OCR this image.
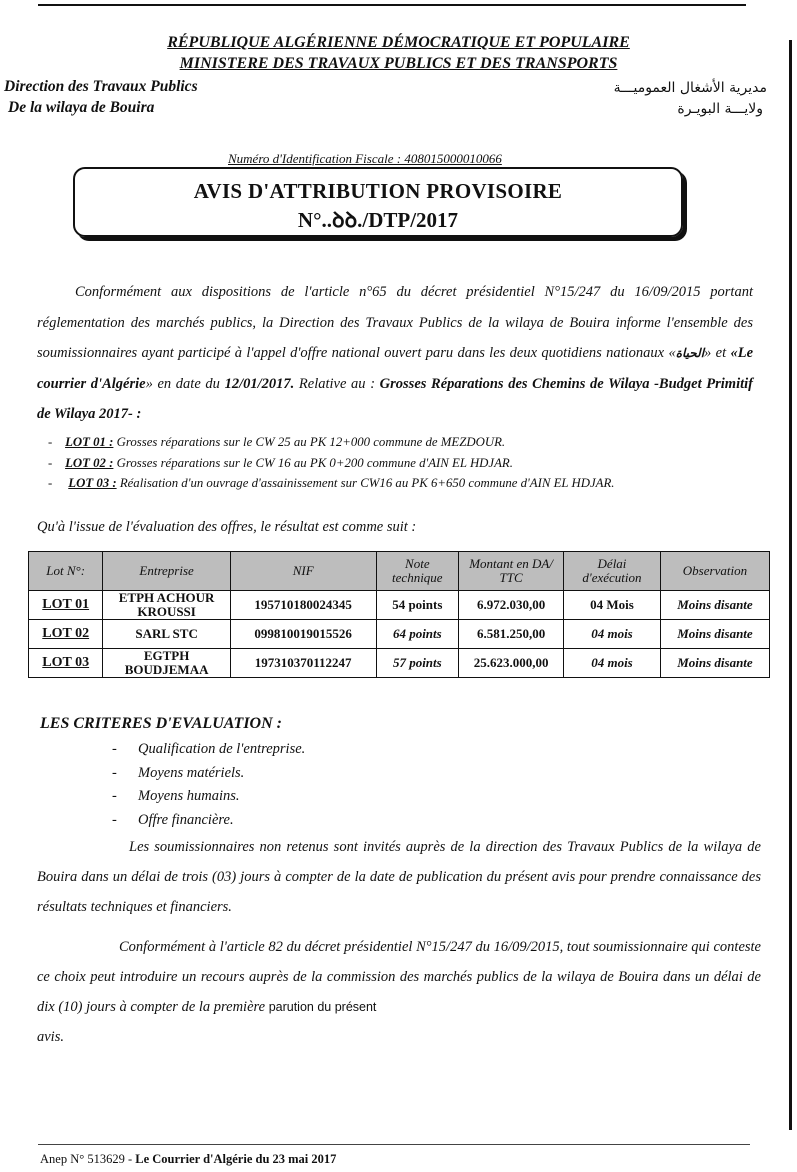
RÉPUBLIQUE ALGÉRIENNE DÉMOCRATIQUE ET POPULAIRE
MINISTERE DES TRAVAUX PUBLICS ET DES TRANSPORTS
Direction des Travaux Publics
De la wilaya de Bouira
مديرية الأشغال العموميـــة
ولايـــة البويـرة
Numéro d'Identification Fiscale : 408015000010066
AVIS D'ATTRIBUTION PROVISOIRE
N°..ꝺꝺ./DTP/2017
Conformément aux dispositions de l'article n°65 du décret présidentiel N°15/247 du 16/09/2015 portant réglementation des marchés publics, la Direction des Travaux Publics de la wilaya de Bouira informe l'ensemble des soumissionnaires ayant participé à l'appel d'offre national ouvert paru dans les deux quotidiens nationaux «الحياة» et «Le courrier d'Algérie» en date du 12/01/2017. Relative au : Grosses Réparations des Chemins de Wilaya -Budget Primitif de Wilaya 2017- :
-    LOT 01 : Grosses réparations sur le CW 25 au PK 12+000 commune de MEZDOUR.
-    LOT 02 : Grosses réparations sur le CW 16 au PK 0+200 commune d'AIN EL HDJAR.
-     LOT 03 : Réalisation d'un ouvrage d'assainissement sur CW16 au PK 6+650 commune d'AIN EL HDJAR.
Qu'à l'issue de l'évaluation des offres, le résultat est comme suit :
Lot N°:	Entreprise	NIF	Note technique	Montant en DA/ TTC	Délai d'exécution	Observation
LOT 01	ETPH ACHOUR KROUSSI	195710180024345	54 points	6.972.030,00	04 Mois	Moins disante
LOT 02	SARL STC	099810019015526	64 points	6.581.250,00	04 mois	Moins disante
LOT 03	EGTPH BOUDJEMAA	197310370112247	57 points	25.623.000,00	04 mois	Moins disante
LES CRITERES D'EVALUATION :
- Qualification de l'entreprise.
- Moyens matériels.
- Moyens humains.
- Offre financière.
Les soumissionnaires non retenus sont invités auprès de la direction des Travaux Publics de la wilaya de Bouira dans un délai de trois (03) jours à compter de la date de publication du présent avis pour prendre connaissance des résultats techniques et financiers.
Conformément à l'article 82 du décret présidentiel N°15/247 du 16/09/2015, tout soumissionnaire qui conteste ce choix peut introduire un recours auprès de la commission des marchés publics de la wilaya de Bouira dans un délai de dix (10) jours à compter de la première parution du présent
avis.
Anep N° 513629 - Le Courrier d'Algérie du 23 mai 2017
